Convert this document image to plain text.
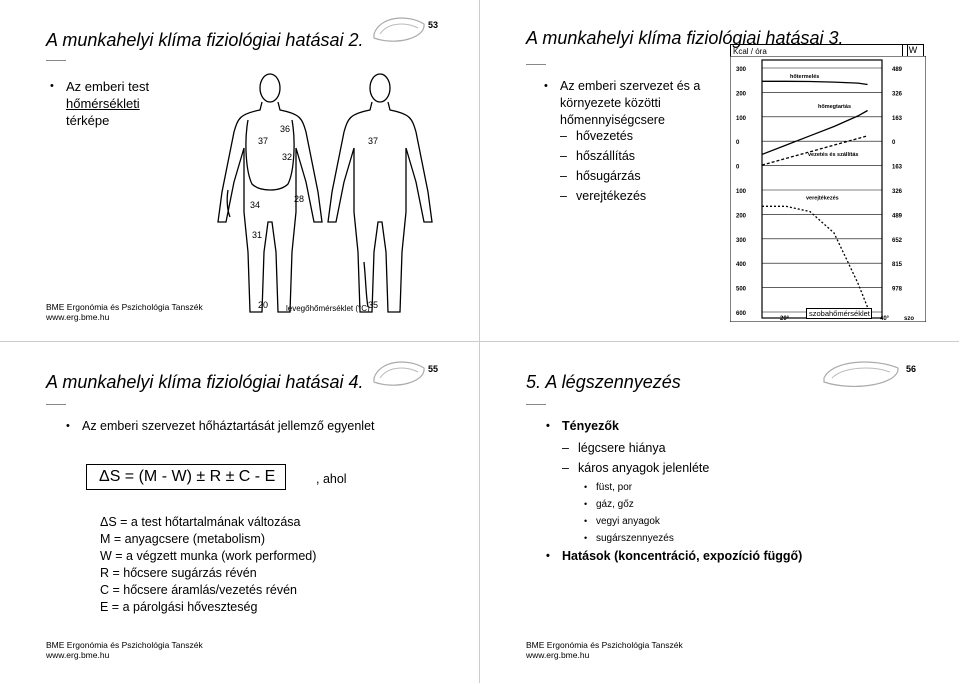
A munkahelyi klíma fiziológiai hatásai 2.
53
• Az emberi test
hőmérsékleti
térképe
37
36
32
28
34
31
37
20 levegőhőmérséklet (°C)
35
BME Ergonómia és Pszichológia Tanszék
www.erg.bme.hu
A munkahelyi klíma fiziológiai hatásai 3.
• Az emberi szervezet és a környezete közötti hőmennyiségcsere
– hővezetés
– hőszállítás
– hősugárzás
– verejtékezés
Kcal / óra	W
300
200
100
0
0
100
200
300
400
500
600
489
326
163
0
163
326
489
652
815
978
20°	40° szo
hőtermelés
hőmegtartás
vezetés és szállítás
verejtékezés
szobahőmérséklet
A munkahelyi klíma fiziológiai hatásai 4.
55
• Az emberi szervezet hőháztartását jellemző egyenlet
ΔS = (M - W) ± R ± C - E	, ahol
ΔS = a test hőtartalmának változása
M = anyagcsere (metabolism)
W = a végzett munka (work performed)
R = hőcsere sugárzás révén
C = hőcsere áramlás/vezetés révén
E = a párolgási hőveszteség
BME Ergonómia és Pszichológia Tanszék
www.erg.bme.hu
5. A légszennyezés
56
• Tényezők
– légcsere hiánya
– káros anyagok jelenléte
• füst, por
• gáz, gőz
• vegyi anyagok
• sugárszennyezés
• Hatások (koncentráció, expozíció függő)
BME Ergonómia és Pszichológia Tanszék
www.erg.bme.hu
